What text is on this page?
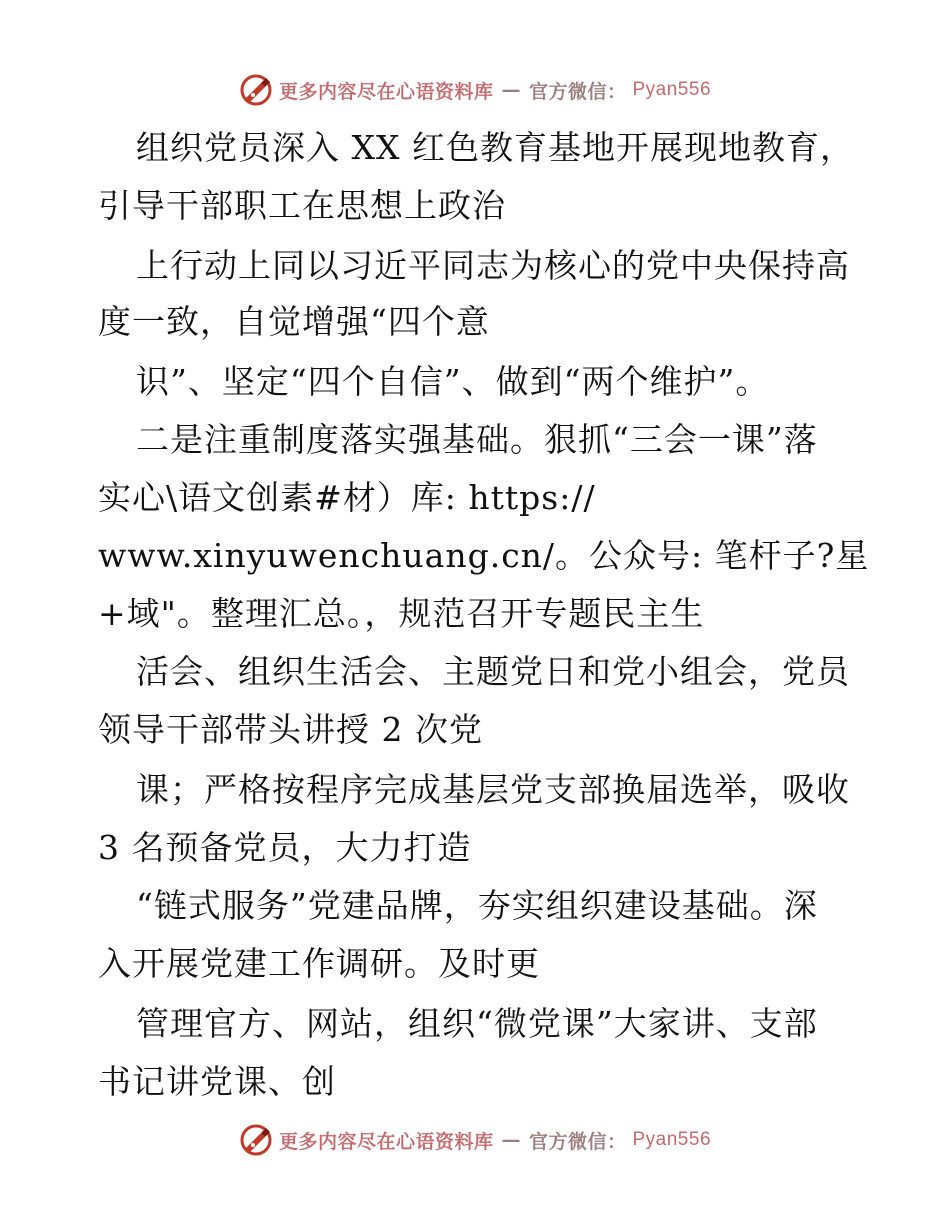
更多内容尽在心语资料库 — 官方微信： Pyan556
组织党员深入 XX 红色教育基地开展现地教育，
引导干部职工在思想上政治
上行动上同以习近平同志为核心的党中央保持高
度一致，自觉增强“四个意
识”、坚定“四个自信”、做到“两个维护”。
二是注重制度落实强基础。狠抓“三会一课”落
实心\语文创素#材）库: https://
www.xinyuwenchuang.cn/。公众号: 笔杆子?星
+域"。整理汇总。，规范召开专题民主生
活会、组织生活会、主题党日和党小组会，党员
领导干部带头讲授 2 次党
课；严格按程序完成基层党支部换届选举，吸收
3 名预备党员，大力打造
“链式服务”党建品牌，夯实组织建设基础。深
入开展党建工作调研。及时更
管理官方、网站，组织“微党课”大家讲、支部
书记讲党课、创
更多内容尽在心语资料库 — 官方微信： Pyan556
